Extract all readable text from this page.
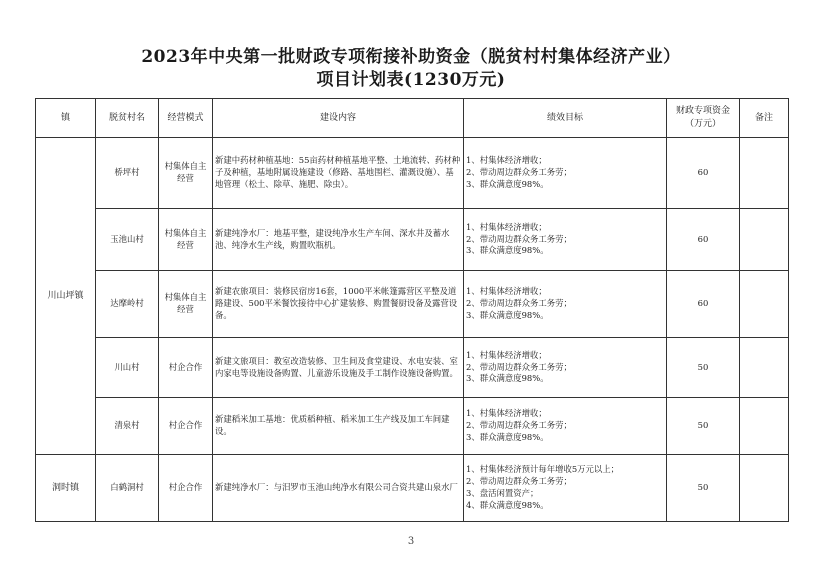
2023年中央第一批财政专项衔接补助资金（脱贫村村集体经济产业）
项目计划表(1230万元)
镇	脱贫村名	经营模式	建设内容	绩效目标	财政专项资金（万元）	备注
川山坪镇	桥坪村	村集体自主经营	新建中药材种植基地：55亩药材种植基地平整、土地流转、药材种子及种植，基地附属设施建设（修路、基地围栏、灌溉设施）、基地管理（松土、除草、施肥、除虫）。	1、村集体经济增收；
2、带动周边群众务工务劳；
3、群众满意度98%。	60	
	玉池山村	村集体自主经营	新建纯净水厂：地基平整，建设纯净水生产车间、深水井及蓄水池、纯净水生产线，购置吹瓶机。	1、村集体经济增收；
2、带动周边群众务工务劳；
3、群众满意度98%。	60	
	达摩岭村	村集体自主经营	新建农旅项目：装修民宿房16套，1000平米帐篷露营区平整及道路建设、500平米餐饮接待中心扩建装修、购置餐厨设备及露营设备。	1、村集体经济增收；
2、带动周边群众务工务劳；
3、群众满意度98%。	60	
	川山村	村企合作	新建文旅项目：教室改造装修、卫生间及食堂建设、水电安装、室内家电等设施设备购置、儿童游乐设施及手工制作设施设备购置。	1、村集体经济增收；
2、带动周边群众务工务劳；
3、群众满意度98%。	50	
	清泉村	村企合作	新建稻米加工基地：优质稻种植、稻米加工生产线及加工车间建设。	1、村集体经济增收；
2、带动周边群众务工务劳；
3、群众满意度98%。	50	
洞时镇	白鹤洞村	村企合作	新建纯净水厂：与汨罗市玉池山纯净水有限公司合资共建山泉水厂	1、村集体经济预计每年增收5万元以上；
2、带动周边群众务工务劳；
3、盘活闲置资产；
4、群众满意度98%。	50	
3
